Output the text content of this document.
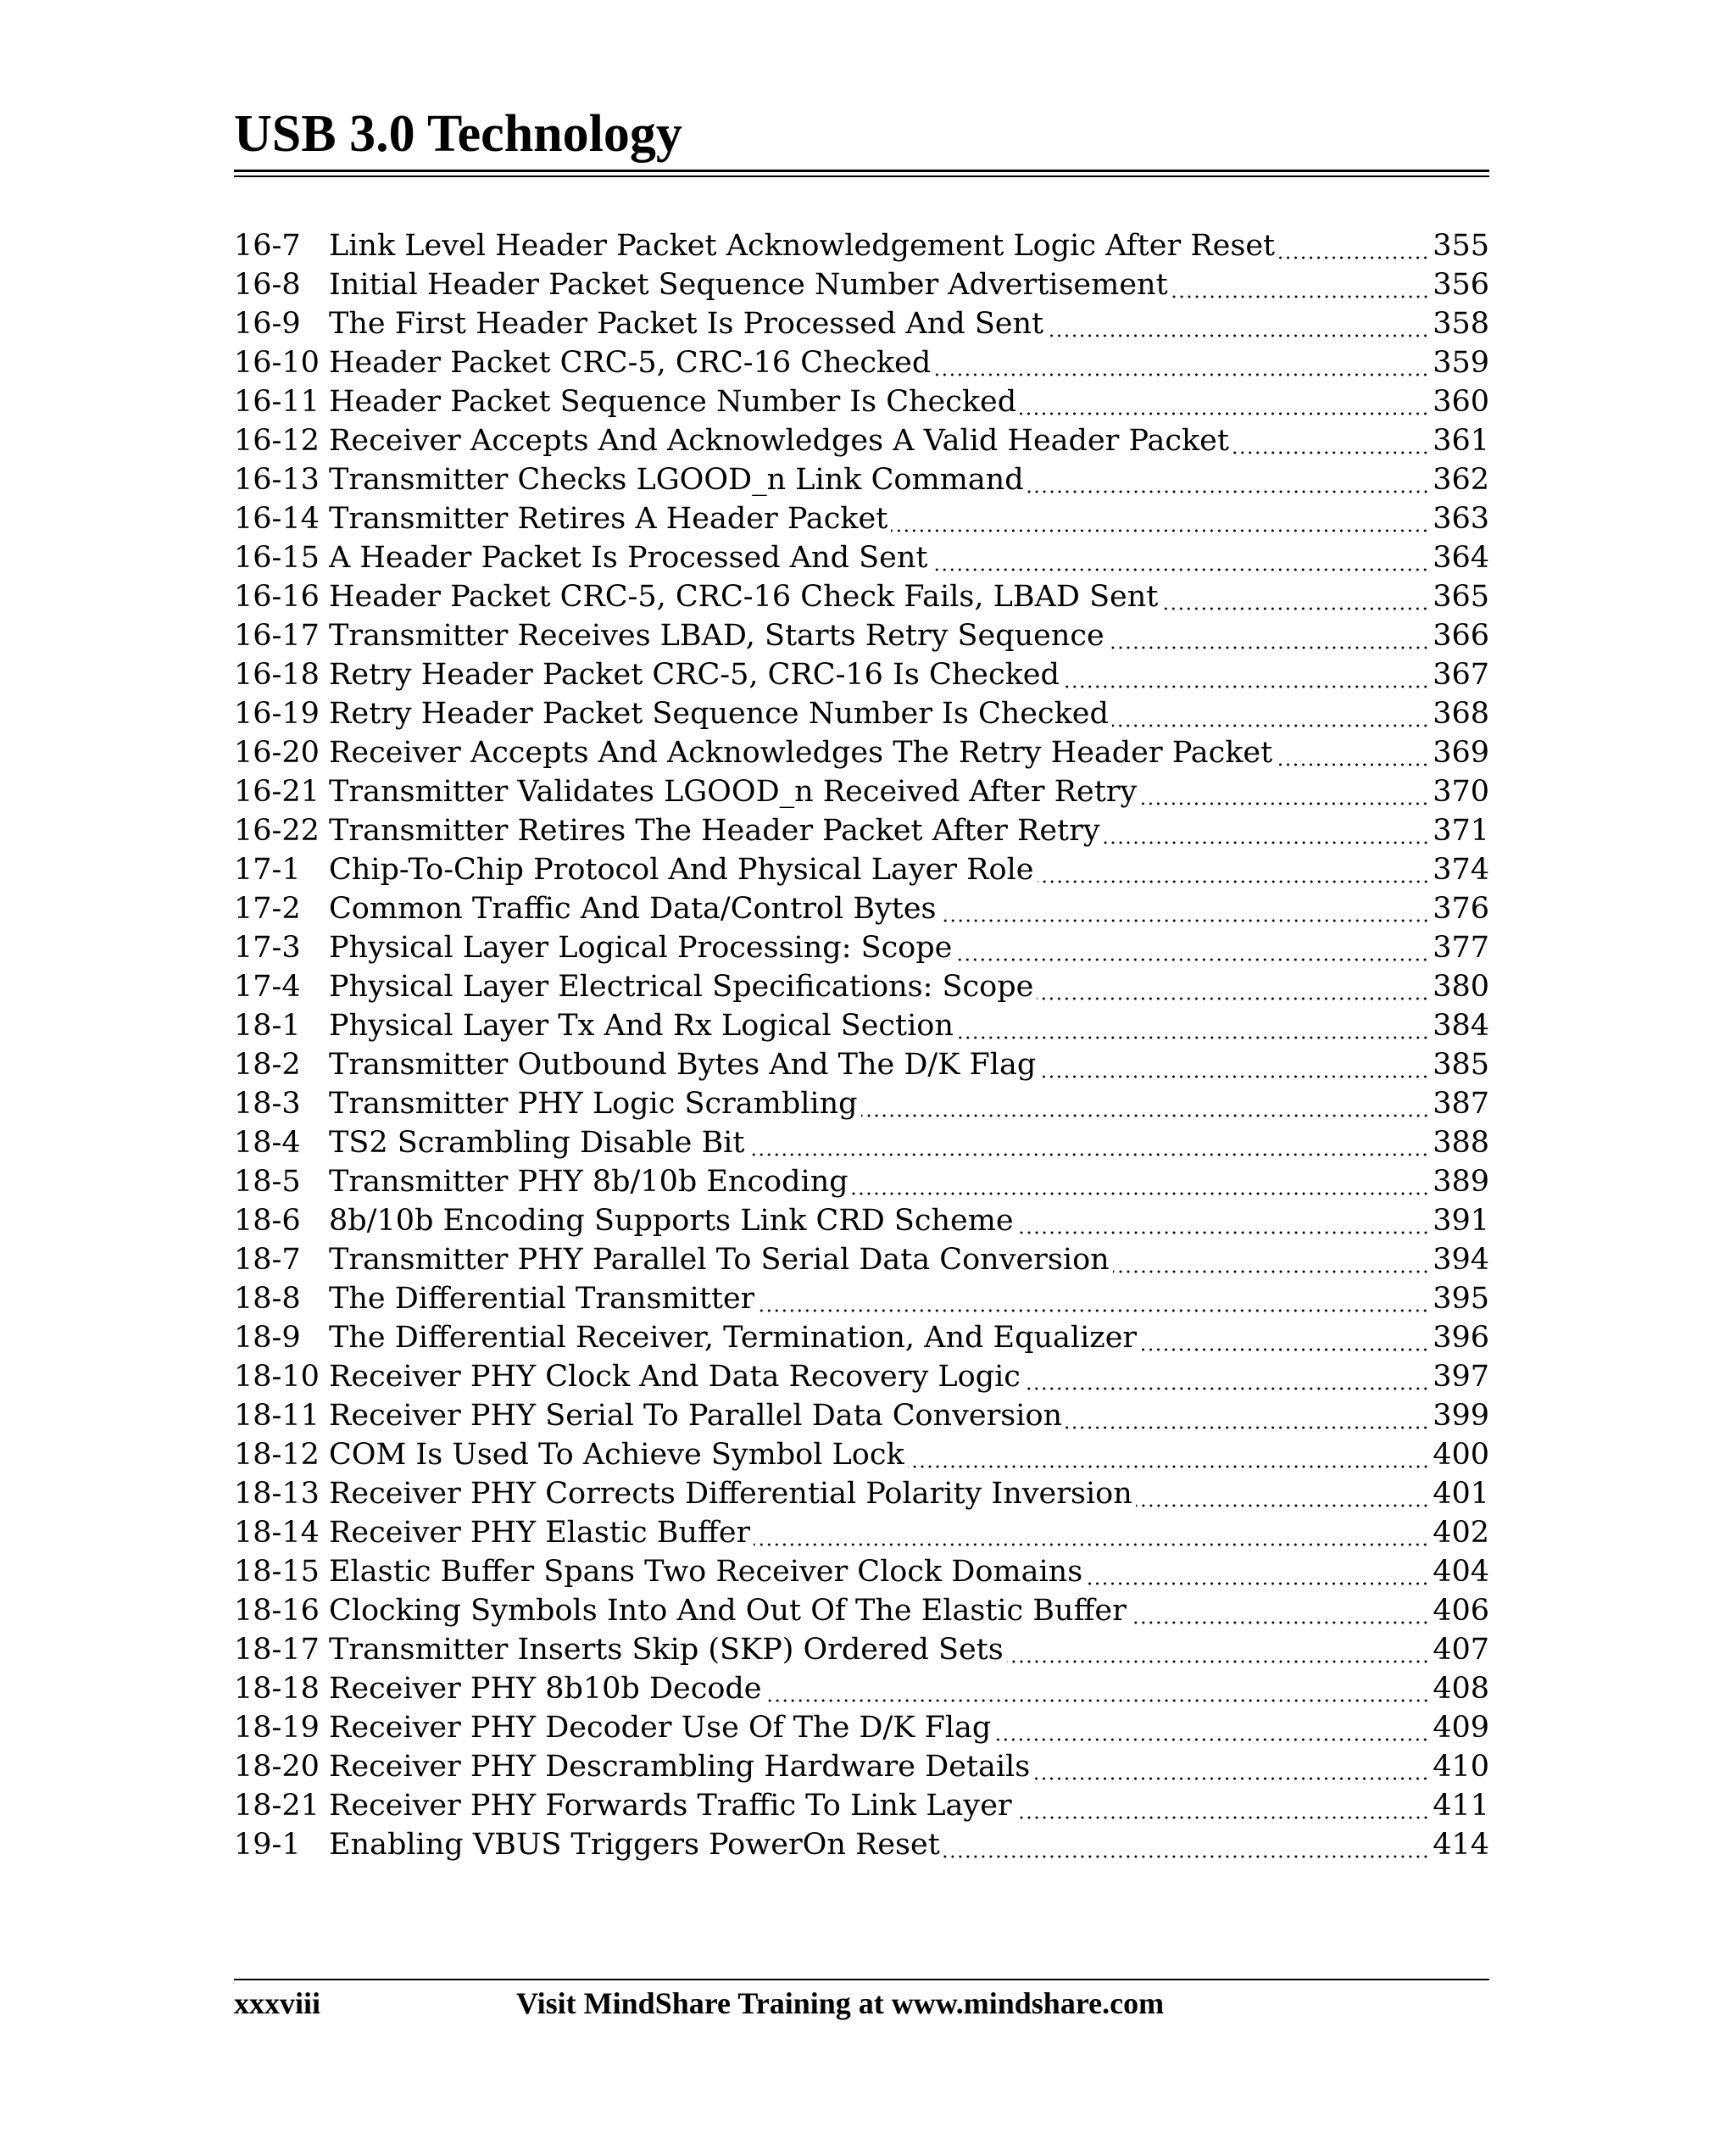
USB 3.0 Technology
16-7 Link Level Header Packet Acknowledgement Logic After Reset	355
16-8 Initial Header Packet Sequence Number Advertisement	356
16-9 The First Header Packet Is Processed And Sent	358
16-10 Header Packet CRC-5, CRC-16 Checked	359
16-11 Header Packet Sequence Number Is Checked	360
16-12 Receiver Accepts And Acknowledges A Valid Header Packet	361
16-13 Transmitter Checks LGOOD_n Link Command	362
16-14 Transmitter Retires A Header Packet	363
16-15 A Header Packet Is Processed And Sent	364
16-16 Header Packet CRC-5, CRC-16 Check Fails, LBAD Sent	365
16-17 Transmitter Receives LBAD, Starts Retry Sequence	366
16-18 Retry Header Packet CRC-5, CRC-16 Is Checked	367
16-19 Retry Header Packet Sequence Number Is Checked	368
16-20 Receiver Accepts And Acknowledges The Retry Header Packet	369
16-21 Transmitter Validates LGOOD_n Received After Retry	370
16-22 Transmitter Retires The Header Packet After Retry	371
17-1 Chip-To-Chip Protocol And Physical Layer Role	374
17-2 Common Traffic And Data/Control Bytes	376
17-3 Physical Layer Logical Processing: Scope	377
17-4 Physical Layer Electrical Specifications: Scope	380
18-1 Physical Layer Tx And Rx Logical Section	384
18-2 Transmitter Outbound Bytes And The D/K Flag	385
18-3 Transmitter PHY Logic Scrambling	387
18-4 TS2 Scrambling Disable Bit	388
18-5 Transmitter PHY 8b/10b Encoding	389
18-6 8b/10b Encoding Supports Link CRD Scheme	391
18-7 Transmitter PHY Parallel To Serial Data Conversion	394
18-8 The Differential Transmitter	395
18-9 The Differential Receiver, Termination, And Equalizer	396
18-10 Receiver PHY Clock And Data Recovery Logic	397
18-11 Receiver PHY Serial To Parallel Data Conversion	399
18-12 COM Is Used To Achieve Symbol Lock	400
18-13 Receiver PHY Corrects Differential Polarity Inversion	401
18-14 Receiver PHY Elastic Buffer	402
18-15 Elastic Buffer Spans Two Receiver Clock Domains	404
18-16 Clocking Symbols Into And Out Of The Elastic Buffer	406
18-17 Transmitter Inserts Skip (SKP) Ordered Sets	407
18-18 Receiver PHY 8b10b Decode	408
18-19 Receiver PHY Decoder Use Of The D/K Flag	409
18-20 Receiver PHY Descrambling Hardware Details	410
18-21 Receiver PHY Forwards Traffic To Link Layer	411
19-1 Enabling VBUS Triggers PowerOn Reset	414
xxxviii	Visit MindShare Training at www.mindshare.com
